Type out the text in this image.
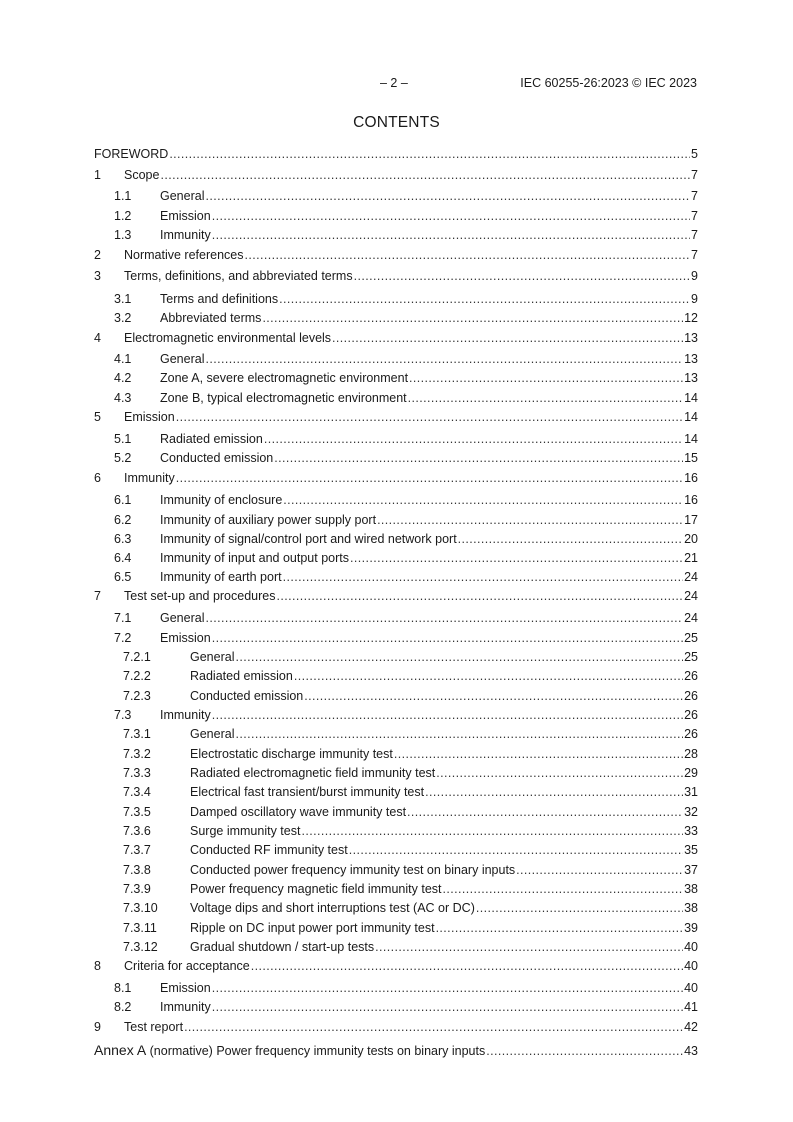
– 2 –	IEC 60255-26:2023 © IEC 2023
CONTENTS
FOREWORD .....	5
1	Scope .....	7
1.1	General .....	7
1.2	Emission .....	7
1.3	Immunity .....	7
2	Normative references .....	7
3	Terms, definitions, and abbreviated terms .....	9
3.1	Terms and definitions .....	9
3.2	Abbreviated terms .....	12
4	Electromagnetic environmental levels .....	13
4.1	General .....	13
4.2	Zone A, severe electromagnetic environment .....	13
4.3	Zone B, typical electromagnetic environment .....	14
5	Emission .....	14
5.1	Radiated emission .....	14
5.2	Conducted emission .....	15
6	Immunity .....	16
6.1	Immunity of enclosure .....	16
6.2	Immunity of auxiliary power supply port .....	17
6.3	Immunity of signal/control port and wired network port .....	20
6.4	Immunity of input and output ports .....	21
6.5	Immunity of earth port .....	24
7	Test set-up and procedures .....	24
7.1	General .....	24
7.2	Emission .....	25
7.2.1	General .....	25
7.2.2	Radiated emission .....	26
7.2.3	Conducted emission .....	26
7.3	Immunity .....	26
7.3.1	General .....	26
7.3.2	Electrostatic discharge immunity test .....	28
7.3.3	Radiated electromagnetic field immunity test .....	29
7.3.4	Electrical fast transient/burst immunity test .....	31
7.3.5	Damped oscillatory wave immunity test .....	32
7.3.6	Surge immunity test .....	33
7.3.7	Conducted RF immunity test .....	35
7.3.8	Conducted power frequency immunity test on binary inputs .....	37
7.3.9	Power frequency magnetic field immunity test .....	38
7.3.10	Voltage dips and short interruptions test (AC or DC) .....	38
7.3.11	Ripple on DC input power port immunity test .....	39
7.3.12	Gradual shutdown / start-up tests .....	40
8	Criteria for acceptance .....	40
8.1	Emission .....	40
8.2	Immunity .....	41
9	Test report .....	42
Annex A (normative) Power frequency immunity tests on binary inputs .....	43
